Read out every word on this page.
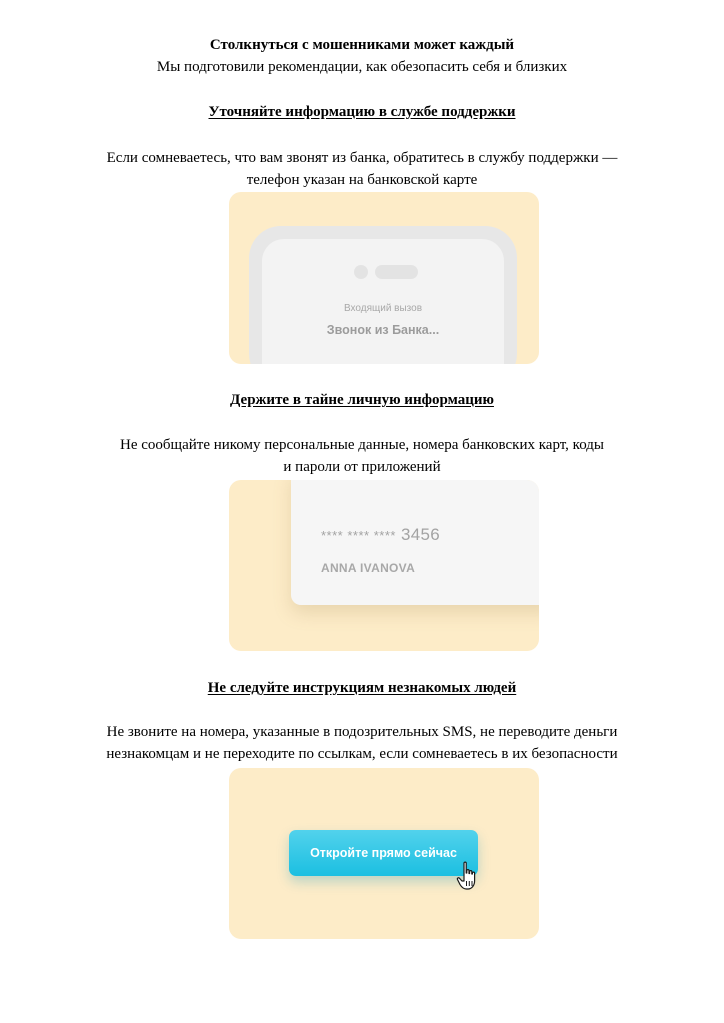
Столкнуться с мошенниками может каждый
Мы подготовили рекомендации, как обезопасить себя и близких
Уточняйте информацию в службе поддержки
Если сомневаетесь, что вам звонят из банка, обратитесь в службу поддержки —
телефон указан на банковской карте
Входящий вызов
Звонок из Банка...
Держите в тайне личную информацию
Не сообщайте никому персональные данные, номера банковских карт, коды
и пароли от приложений
**** **** **** 3456
ANNA IVANOVA
Не следуйте инструкциям незнакомых людей
Не звоните на номера, указанные в подозрительных SMS, не переводите деньги
незнакомцам и не переходите по ссылкам, если сомневаетесь в их безопасности
Откройте прямо сейчас
